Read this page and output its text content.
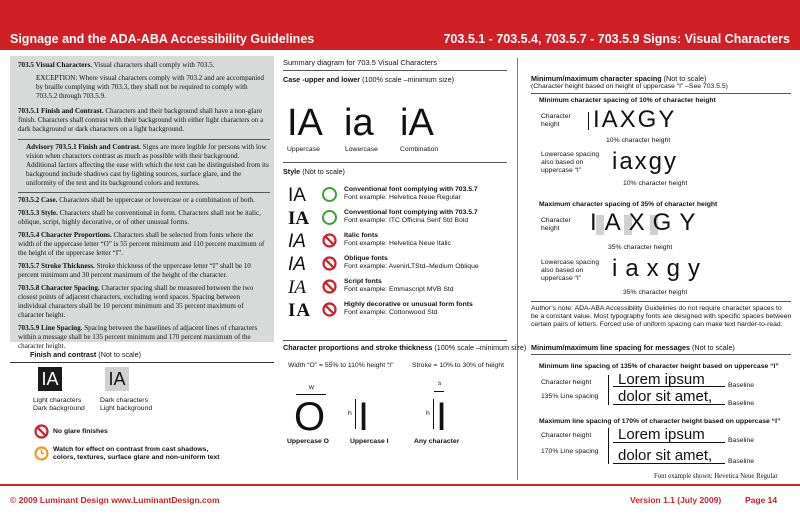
Signage and the ADA-ABA Accessibility Guidelines	703.5.1 - 703.5.4, 703.5.7 - 703.5.9 Signs: Visual Characters
703.5 Visual Characters. Visual characters shall comply with 703.5.
EXCEPTION: Where visual characters comply with 703.2 and are accompanied by braille complying with 703.3, they shall not be required to comply with 703.5.2 through 703.5.9.
703.5.1 Finish and Contrast. Characters and their background shall have a non-glare finish. Characters shall contrast with their background with either light characters on a dark background or dark characters on a light background.
Advisory 703.5.1 Finish and Contrast. Signs are more legible for persons with low vision when characters contrast as much as possible with their background. Additional factors affecting the ease with which the text can be distinguished from its background include shadows cast by lighting sources, surface glare, and the uniformity of the text and its background colors and textures.
703.5.2 Case. Characters shall be uppercase or lowercase or a combination of both.
703.5.3 Style. Characters shall be conventional in form. Characters shall not be italic, oblique, script, highly decorative, or of other unusual forms.
703.5.4 Character Proportions. Characters shall be selected from fonts where the width of the uppercase letter “O” is 55 percent minimum and 110 percent maximum of the height of the uppercase letter “I”.
703.5.7 Stroke Thickness. Stroke thickness of the uppercase letter “I” shall be 10 percent minimum and 30 percent maximum of the height of the character.
703.5.8 Character Spacing. Character spacing shall be measured between the two closest points of adjacent characters, excluding word spaces. Spacing between individual characters shall be 10 percent minimum and 35 percent maximum of character height.
703.5.9 Line Spacing. Spacing between the baselines of adjacent lines of characters within a message shall be 135 percent minimum and 170 percent maximum of the character height.
Finish and contrast (Not to scale)
IA	IA
Light characters
Dark background
Dark characters
Light background
No glare finishes
Watch for effect on contrast from cast shadows,
colors, textures, surface glare and non-uniform text
Summary diagram for 703.5 Visual Characters
Case -upper and lower (100% scale –minimum size)
IA ia iA
Uppercase	Lowercase	Combination
Style (Not to scale)
IA	Conventional font complying with 703.5.7
Font example: Helvetica Neue Regular
IA	Conventional font complying with 703.5.7
Font example: ITC Officina Serif Std Bold
IA	Italic fonts
Font example: Helvetica Neue Italic
IA	Oblique fonts
Font example: AvenirLTStd–Medium Oblique
IA	Script fonts
Font example: Emmascript MVB Std
IA	Highly decorative or unusual form fonts
Font example: Cottonwood Std
Character proportions and stroke thickness (100% scale –minimum size)
Width “O” = 55% to 110% height “I”	Stroke = 10% to 30% of height
w
O	h I
s
h I
Uppercase O	Uppercase I	Any character
Minimum/maximum character spacing (Not to scale)
(Character height based on height of uppercase “I” –See 703.5.5)
Minimum character spacing of 10% of character height
Character
height	IAXGY
10% character height
Lowercase spacing
also based on
uppercase “I”	iaxgy
10% character height
Maximum character spacing of 35% of character height
Character
height	IAXGY
35% character height
Lowercase spacing
also based on
uppercase “I”	iaxgy
35% character height
Author’s note: ADA-ABA Accessibility Guidelines do not require character spaces to
be a constant value. Most typography fonts are designed with specific spaces between
certain pairs of letters. Forced use of uniform spacing can make text harder-to-read.
Minimum/maximum line spacing for messages (Not to scale)
Minimum line spacing of 135% of character height based on uppercase “I”
Character height
135% Line spacing
Lorem ipsum
dolor sit amet,
Baseline
Baseline
Maximum line spacing of 170% of character height based on uppercase “I”
Character height
170% Line spacing
Lorem ipsum
dolor sit amet,
Baseline
Baseline
Font example shown: Hevetica Neue Regular
© 2009 Luminant Design www.LuminantDesign.com	Version 1.1 (July 2009)	Page 14
